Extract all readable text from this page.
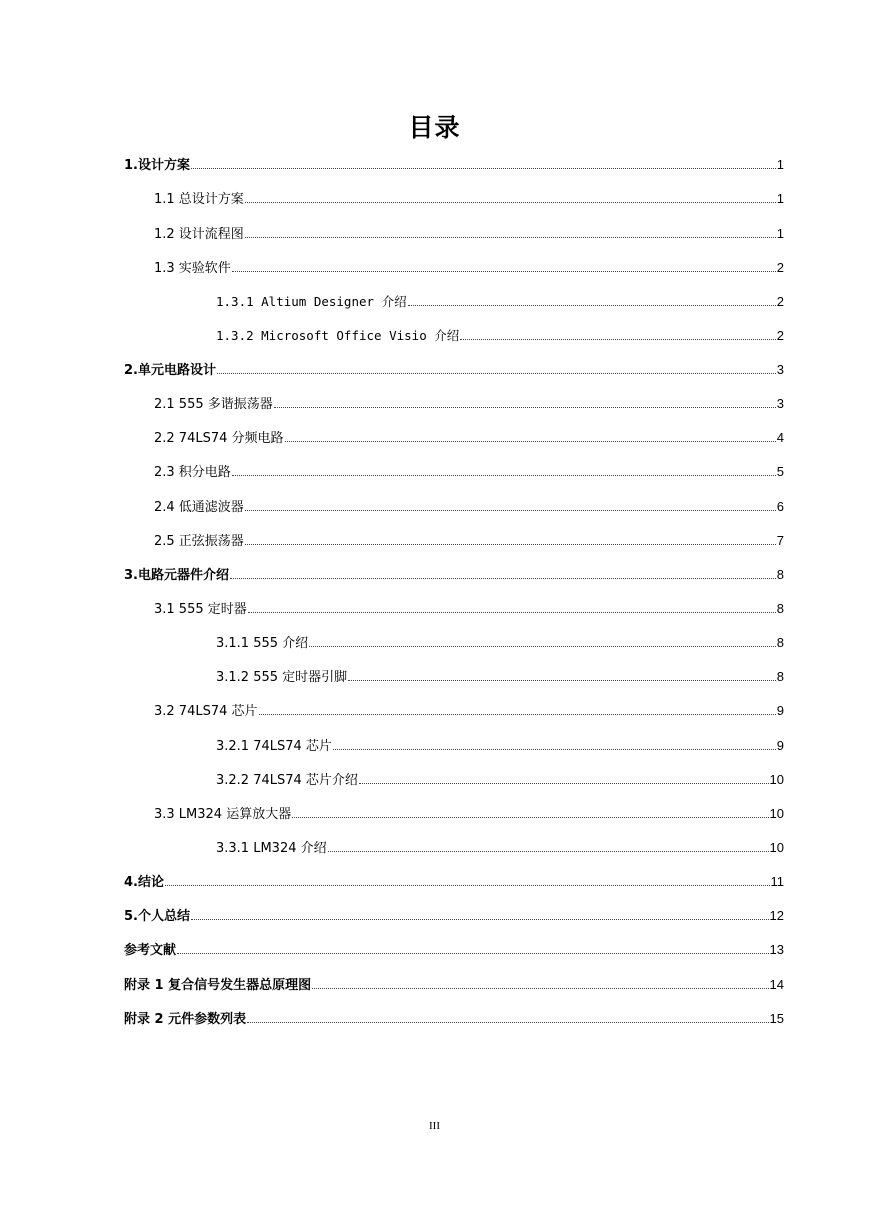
目录
1.设计方案	1
1.1 总设计方案	1
1.2 设计流程图	1
1.3 实验软件	2
1.3.1 Altium Designer 介绍	2
1.3.2 Microsoft Office Visio 介绍	2
2.单元电路设计	3
2.1 555 多谐振荡器	3
2.2 74LS74 分频电路	4
2.3 积分电路	5
2.4 低通滤波器	6
2.5 正弦振荡器	7
3.电路元器件介绍	8
3.1 555 定时器	8
3.1.1 555 介绍	8
3.1.2 555 定时器引脚	8
3.2 74LS74 芯片	9
3.2.1 74LS74 芯片	9
3.2.2 74LS74 芯片介绍	10
3.3 LM324 运算放大器	10
3.3.1 LM324 介绍	10
4.结论	11
5.个人总结	12
参考文献	13
附录 1 复合信号发生器总原理图	14
附录 2 元件参数列表	15
III
